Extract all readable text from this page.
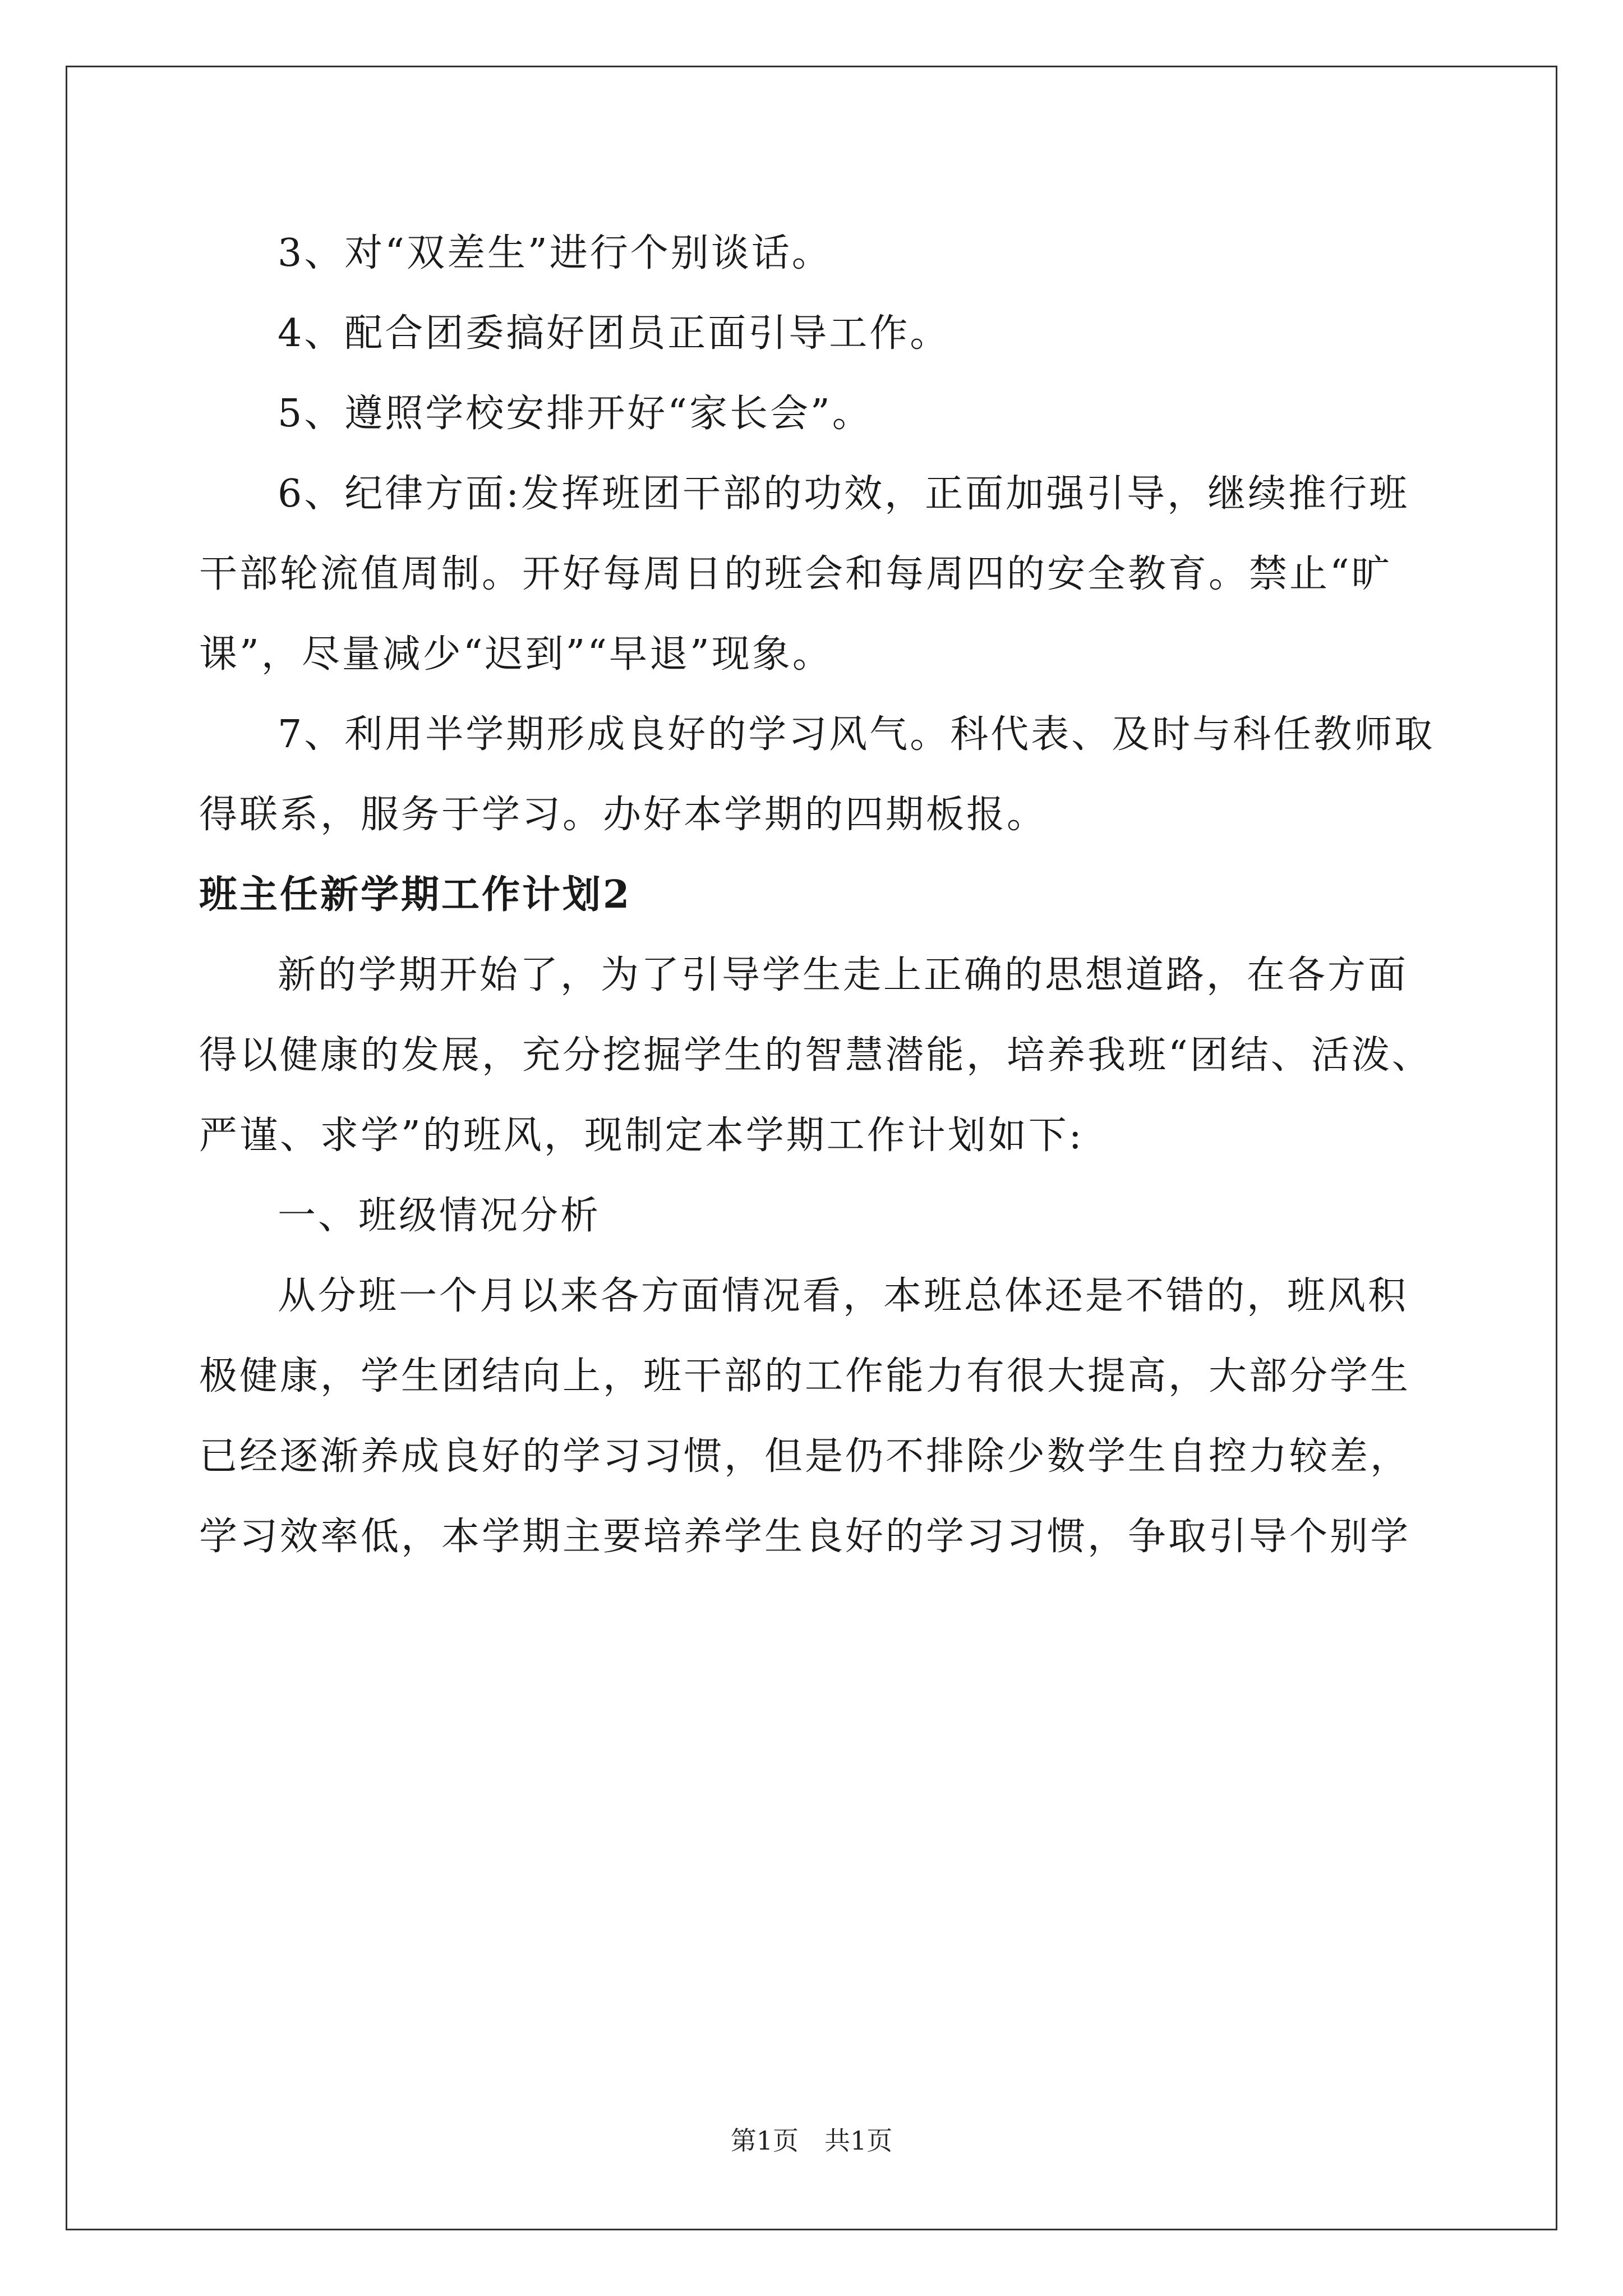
3、对“双差生”进行个别谈话。

4、配合团委搞好团员正面引导工作。

5、遵照学校安排开好“家长会”。

6、纪律方面:发挥班团干部的功效，正面加强引导，继续推行班

干部轮流值周制。开好每周日的班会和每周四的安全教育。禁止“旷

课”，尽量减少“迟到”“早退”现象。

7、利用半学期形成良好的学习风气。科代表、及时与科任教师取

得联系，服务于学习。办好本学期的四期板报。

班主任新学期工作计划2

新的学期开始了，为了引导学生走上正确的思想道路，在各方面

得以健康的发展，充分挖掘学生的智慧潜能，培养我班“团结、活泼、

严谨、求学”的班风，现制定本学期工作计划如下:

一、班级情况分析

从分班一个月以来各方面情况看，本班总体还是不错的，班风积

极健康，学生团结向上，班干部的工作能力有很大提高，大部分学生

已经逐渐养成良好的学习习惯，但是仍不排除少数学生自控力较差，

学习效率低，本学期主要培养学生良好的学习习惯，争取引导个别学

第1页　共1页
